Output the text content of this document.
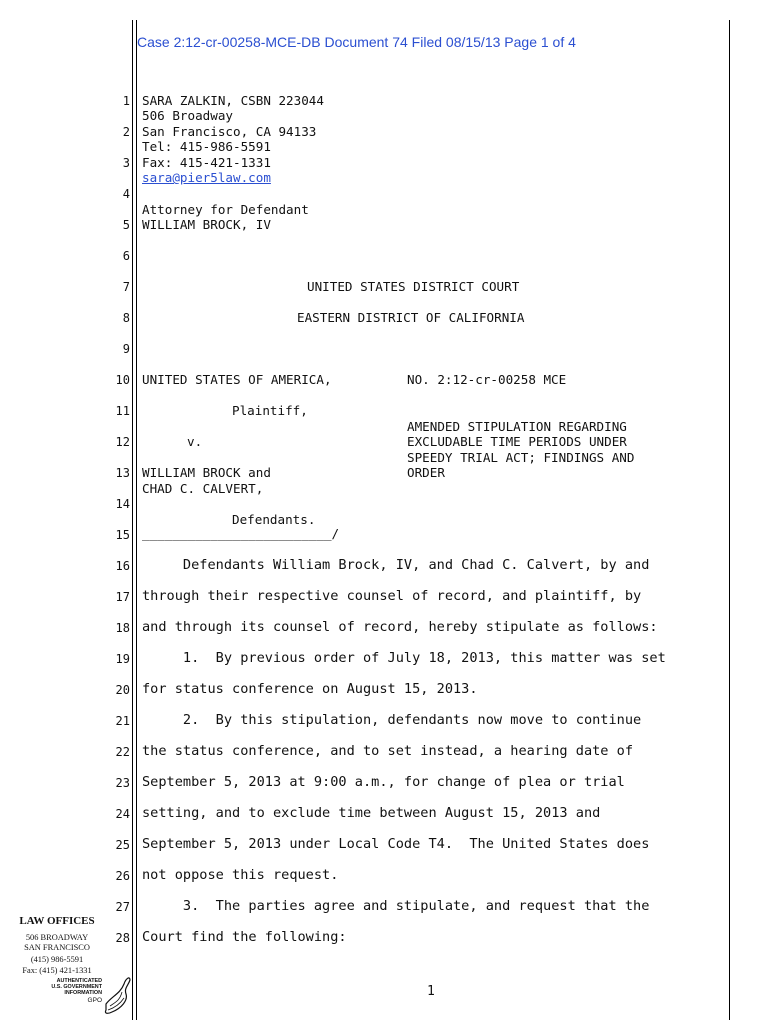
Case 2:12-cr-00258-MCE-DB Document 74 Filed 08/15/13 Page 1 of 4
1
2
3
4
5
6
7
8
9
10
11
12
13
14
15
16
17
18
19
20
21
22
23
24
25
26
27
28
SARA ZALKIN, CSBN 223044
506 Broadway
San Francisco, CA 94133
Tel: 415-986-5591
Fax: 415-421-1331
sara@pier5law.com
Attorney for Defendant
WILLIAM BROCK, IV
UNITED STATES DISTRICT COURT
EASTERN DISTRICT OF CALIFORNIA
UNITED STATES OF AMERICA,
Plaintiff,
v.
WILLIAM BROCK and
CHAD C. CALVERT,
Defendants.
_________________________/
NO. 2:12-cr-00258 MCE
AMENDED STIPULATION REGARDING
EXCLUDABLE TIME PERIODS UNDER
SPEEDY TRIAL ACT; FINDINGS AND
ORDER
Defendants William Brock, IV, and Chad C. Calvert, by and
through their respective counsel of record, and plaintiff, by
and through its counsel of record, hereby stipulate as follows:
1.  By previous order of July 18, 2013, this matter was set
for status conference on August 15, 2013.
2.  By this stipulation, defendants now move to continue
the status conference, and to set instead, a hearing date of
September 5, 2013 at 9:00 a.m., for change of plea or trial
setting, and to exclude time between August 15, 2013 and
September 5, 2013 under Local Code T4.  The United States does
not oppose this request.
3.  The parties agree and stipulate, and request that the
Court find the following:
LAW OFFICES
506 BROADWAY
SAN FRANCISCO
(415) 986-5591
Fax: (415) 421-1331
AUTHENTICATED
U.S. GOVERNMENT
INFORMATION
GPO
1
